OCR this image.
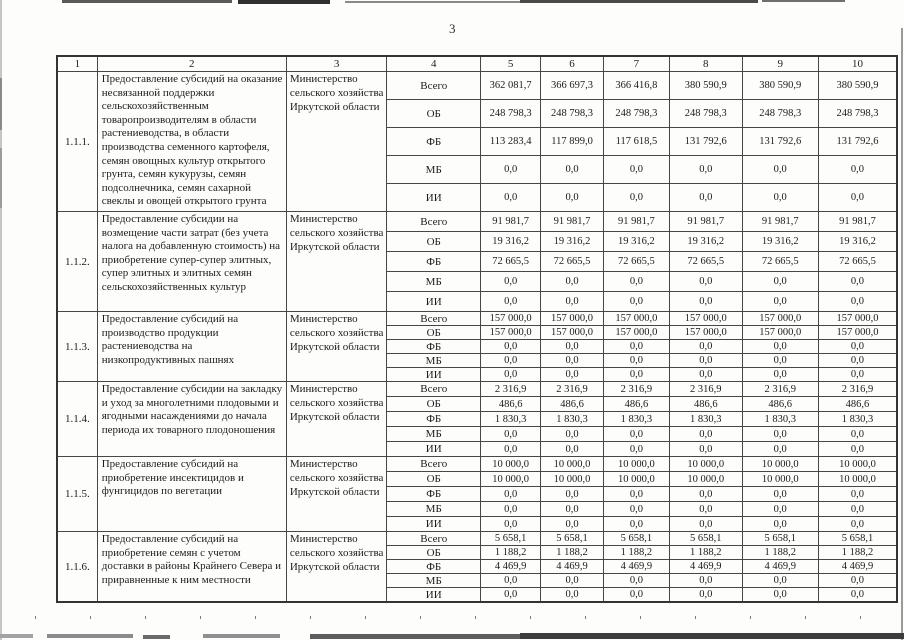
3
1	2	3	4	5	6	7	8	9	10
1.1.1.	Предоставление субсидий на оказание несвязанной поддержки сельскохозяйственным товаропроизводителям в области растениеводства, в области производства семенного картофеля, семян овощных культур открытого грунта, семян кукурузы, семян подсолнечника, семян сахарной свеклы и овощей открытого грунта	Министерство сельского хозяйства Иркутской области	Всего	362 081,7	366 697,3	366 416,8	380 590,9	380 590,9	380 590,9
			ОБ	248 798,3	248 798,3	248 798,3	248 798,3	248 798,3	248 798,3
			ФБ	113 283,4	117 899,0	117 618,5	131 792,6	131 792,6	131 792,6
			МБ	0,0	0,0	0,0	0,0	0,0	0,0
			ИИ	0,0	0,0	0,0	0,0	0,0	0,0
1.1.2.	Предоставление субсидии на возмещение части затрат (без учета налога на добавленную стоимость) на приобретение супер-супер элитных, супер элитных и элитных семян сельскохозяйственных культур	Министерство сельского хозяйства Иркутской области	Всего	91 981,7	91 981,7	91 981,7	91 981,7	91 981,7	91 981,7
			ОБ	19 316,2	19 316,2	19 316,2	19 316,2	19 316,2	19 316,2
			ФБ	72 665,5	72 665,5	72 665,5	72 665,5	72 665,5	72 665,5
			МБ	0,0	0,0	0,0	0,0	0,0	0,0
			ИИ	0,0	0,0	0,0	0,0	0,0	0,0
1.1.3.	Предоставление субсидий на производство продукции растениеводства на низкопродуктивных пашнях	Министерство сельского хозяйства Иркутской области	Всего	157 000,0	157 000,0	157 000,0	157 000,0	157 000,0	157 000,0
			ОБ	157 000,0	157 000,0	157 000,0	157 000,0	157 000,0	157 000,0
			ФБ	0,0	0,0	0,0	0,0	0,0	0,0
			МБ	0,0	0,0	0,0	0,0	0,0	0,0
			ИИ	0,0	0,0	0,0	0,0	0,0	0,0
1.1.4.	Предоставление субсидии на закладку и уход за многолетними плодовыми и ягодными насаждениями до начала периода их товарного плодоношения	Министерство сельского хозяйства Иркутской области	Всего	2 316,9	2 316,9	2 316,9	2 316,9	2 316,9	2 316,9
			ОБ	486,6	486,6	486,6	486,6	486,6	486,6
			ФБ	1 830,3	1 830,3	1 830,3	1 830,3	1 830,3	1 830,3
			МБ	0,0	0,0	0,0	0,0	0,0	0,0
			ИИ	0,0	0,0	0,0	0,0	0,0	0,0
1.1.5.	Предоставление субсидий на приобретение инсектицидов и фунгицидов по вегетации	Министерство сельского хозяйства Иркутской области	Всего	10 000,0	10 000,0	10 000,0	10 000,0	10 000,0	10 000,0
			ОБ	10 000,0	10 000,0	10 000,0	10 000,0	10 000,0	10 000,0
			ФБ	0,0	0,0	0,0	0,0	0,0	0,0
			МБ	0,0	0,0	0,0	0,0	0,0	0,0
			ИИ	0,0	0,0	0,0	0,0	0,0	0,0
1.1.6.	Предоставление субсидий на приобретение семян с учетом доставки в районы Крайнего Севера и приравненные к ним местности	Министерство сельского хозяйства Иркутской области	Всего	5 658,1	5 658,1	5 658,1	5 658,1	5 658,1	5 658,1
			ОБ	1 188,2	1 188,2	1 188,2	1 188,2	1 188,2	1 188,2
			ФБ	4 469,9	4 469,9	4 469,9	4 469,9	4 469,9	4 469,9
			МБ	0,0	0,0	0,0	0,0	0,0	0,0
			ИИ	0,0	0,0	0,0	0,0	0,0	0,0
